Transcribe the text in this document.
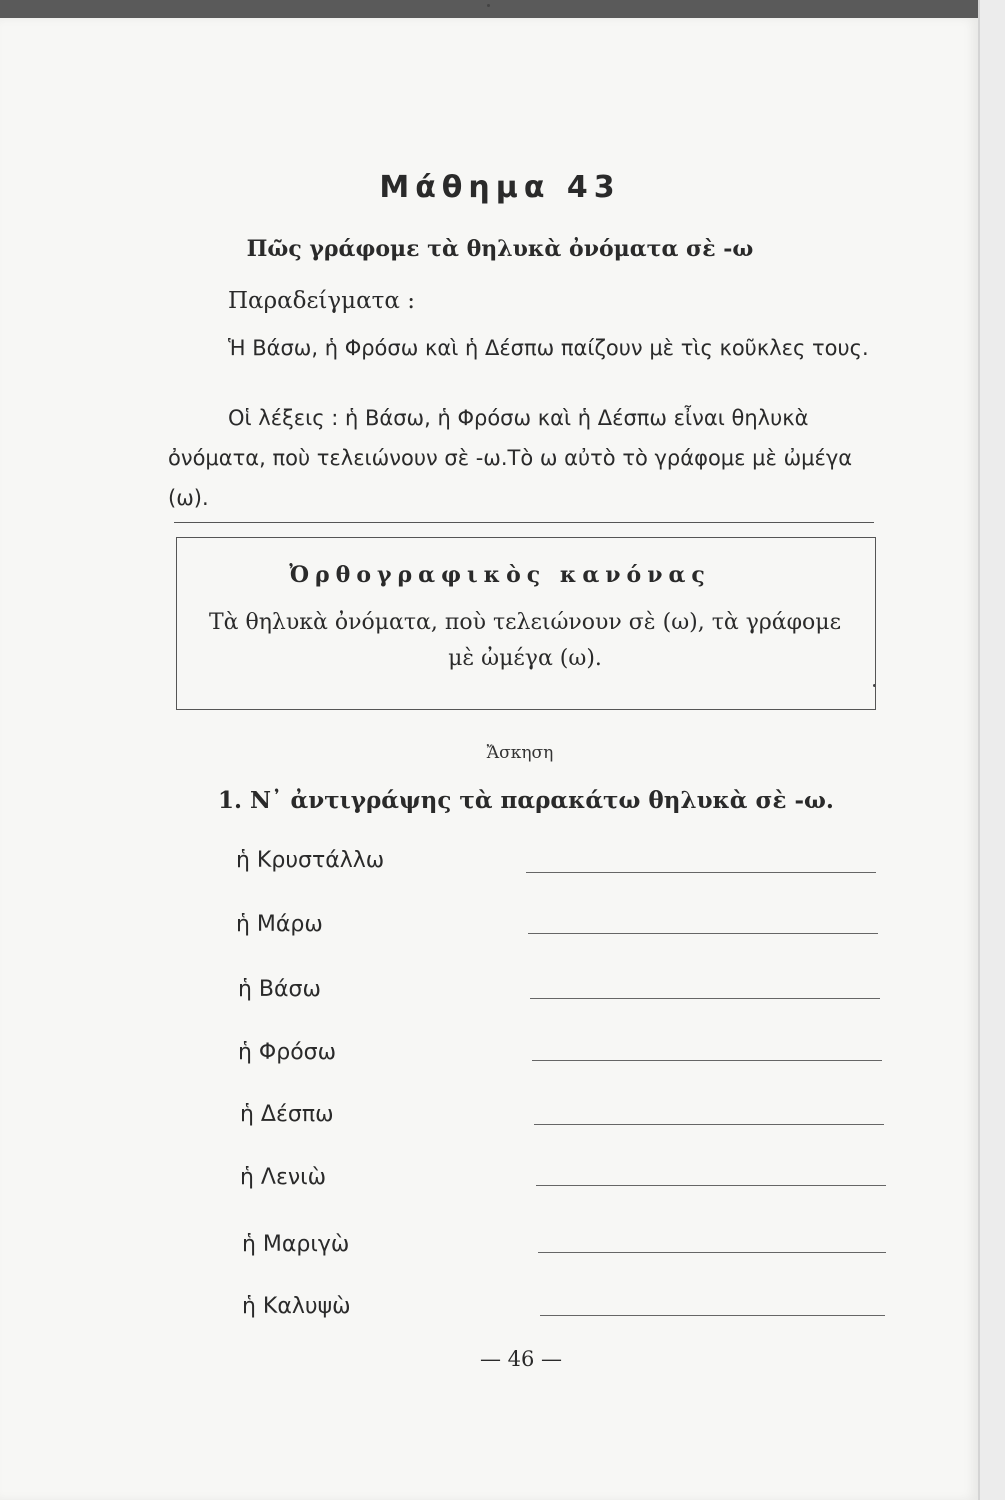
Μάθημα 43
Πῶς γράφομε τὰ θηλυκὰ ὀνόματα σὲ -ω
Παραδείγματα :
Ἡ Βάσω, ἡ Φρόσω καὶ ἡ Δέσπω παίζουν μὲ τὶς κοῦκλες τους.
Οἱ λέξεις : ἡ Βάσω, ἡ Φρόσω καὶ ἡ Δέσπω εἶναι θηλυκὰ ὀνόματα, ποὺ τελειώνουν σὲ -ω.Τὸ ω αὐτὸ τὸ γράφομε μὲ ὠμέγα (ω).
Ὀρθογραφικὸς κανόνας
Τὰ θηλυκὰ ὀνόματα, ποὺ τελειώνουν σὲ (ω), τὰ γράφομε μὲ ὠμέγα (ω).
Ἄσκηση
1. Ν᾽ ἀντιγράψης τὰ παρακάτω θηλυκὰ σὲ -ω.
ἡ Κρυστάλλω
ἡ Μάρω
ἡ Βάσω
ἡ Φρόσω
ἡ Δέσπω
ἡ Λενιὼ
ἡ Μαριγὼ
ἡ Καλυψὼ
— 46 —
